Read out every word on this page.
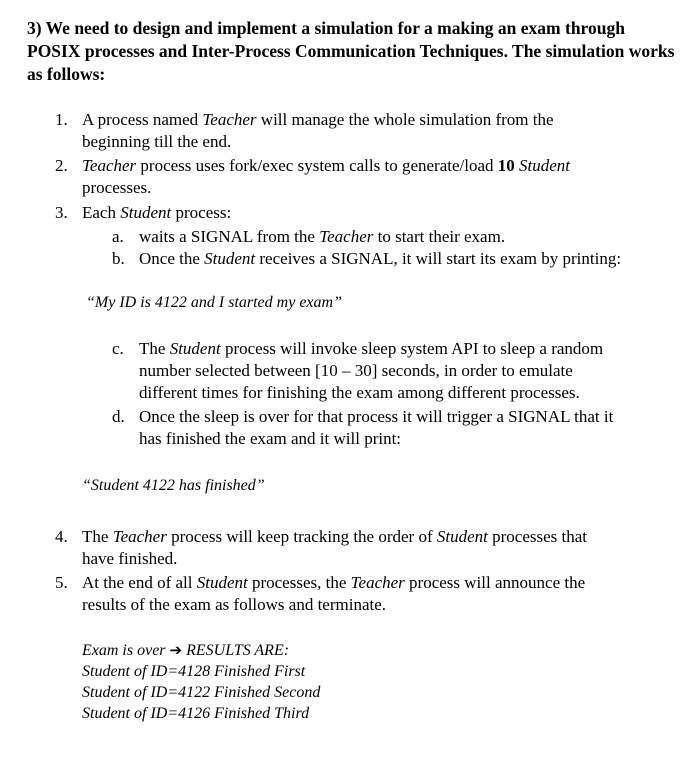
3) We need to design and implement a simulation for a making an exam through POSIX processes and Inter-Process Communication Techniques. The simulation works as follows:
1. A process named Teacher will manage the whole simulation from the
beginning till the end.
2. Teacher process uses fork/exec system calls to generate/load 10 Student
processes.
3. Each Student process:
a. waits a SIGNAL from the Teacher to start their exam.
b. Once the Student receives a SIGNAL, it will start its exam by printing:
“My ID is 4122 and I started my exam”
c. The Student process will invoke sleep system API to sleep a random
number selected between [10 – 30] seconds, in order to emulate
different times for finishing the exam among different processes.
d. Once the sleep is over for that process it will trigger a SIGNAL that it
has finished the exam and it will print:
“Student 4122 has finished”
4. The Teacher process will keep tracking the order of Student processes that
have finished.
5. At the end of all Student processes, the Teacher process will announce the
results of the exam as follows and terminate.
Exam is over ➔ RESULTS ARE:
Student of ID=4128 Finished First
Student of ID=4122 Finished Second
Student of ID=4126 Finished Third
